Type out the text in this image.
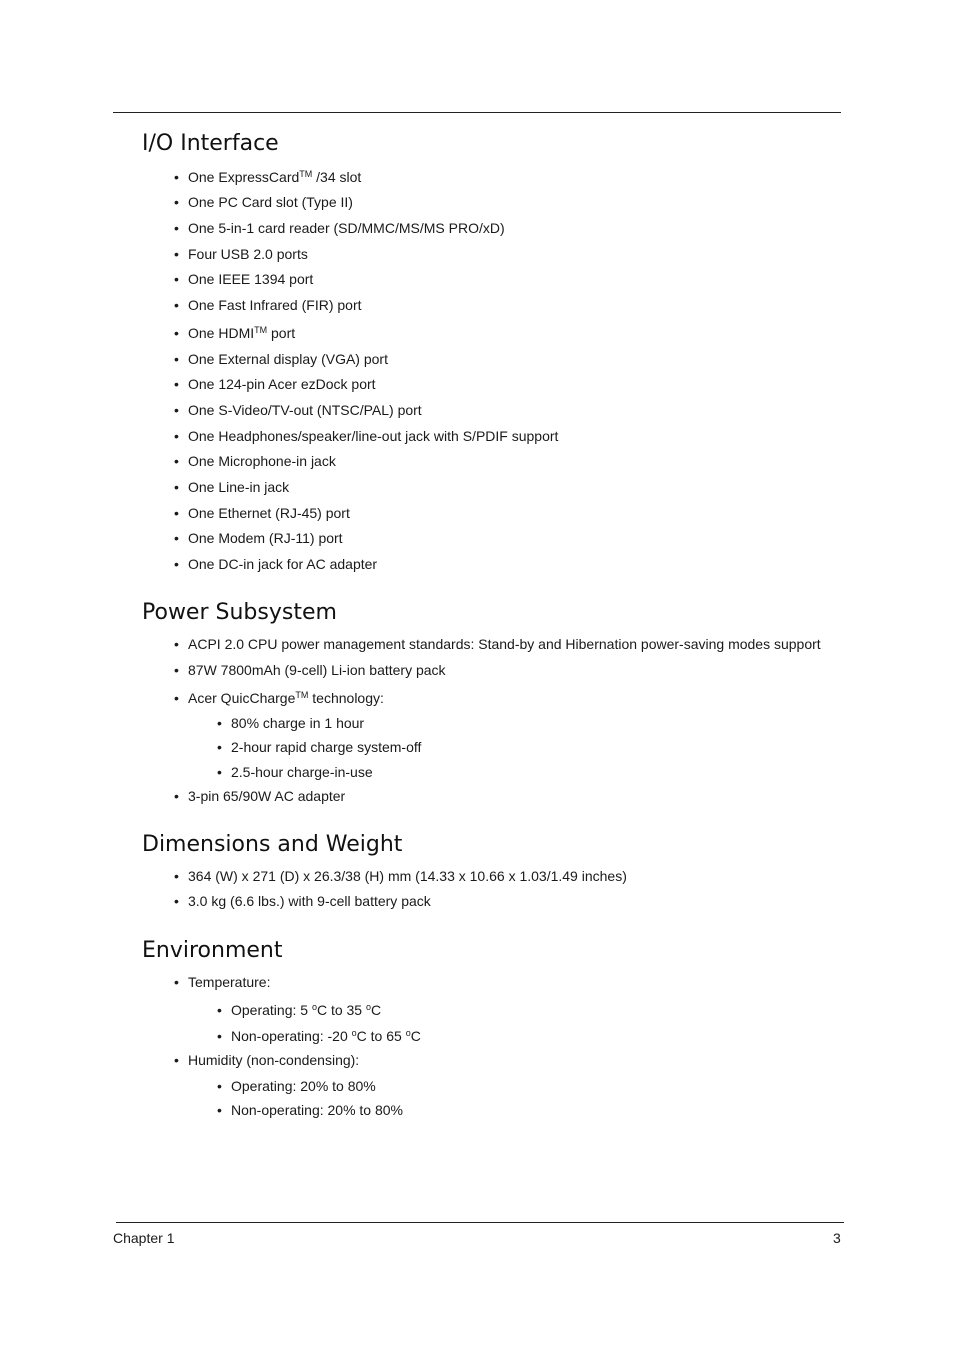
I/O Interface
• One ExpressCard™ /34 slot
• One PC Card slot (Type II)
• One 5-in-1 card reader (SD/MMC/MS/MS PRO/xD)
• Four USB 2.0 ports
• One IEEE 1394 port
• One Fast Infrared (FIR) port
• One HDMI™ port
• One External display (VGA) port
• One 124-pin Acer ezDock port
• One S-Video/TV-out (NTSC/PAL) port
• One Headphones/speaker/line-out jack with S/PDIF support
• One Microphone-in jack
• One Line-in jack
• One Ethernet (RJ-45) port
• One Modem (RJ-11) port
• One DC-in jack for AC adapter
Power Subsystem
• ACPI 2.0 CPU power management standards: Stand-by and Hibernation power-saving modes support
• 87W 7800mAh (9-cell) Li-ion battery pack
• Acer QuicCharge™ technology:
• 80% charge in 1 hour
• 2-hour rapid charge system-off
• 2.5-hour charge-in-use
• 3-pin 65/90W AC adapter
Dimensions and Weight
• 364 (W) x 271 (D) x 26.3/38 (H) mm (14.33 x 10.66 x 1.03/1.49 inches)
• 3.0 kg (6.6 lbs.) with 9-cell battery pack
Environment
• Temperature:
• Operating: 5 $^o$C to 35 $^o$C
• Non-operating: -20 $^o$C to 65 $^o$C
• Humidity (non-condensing):
• Operating: 20% to 80%
• Non-operating: 20% to 80%
Chapter 1	3
